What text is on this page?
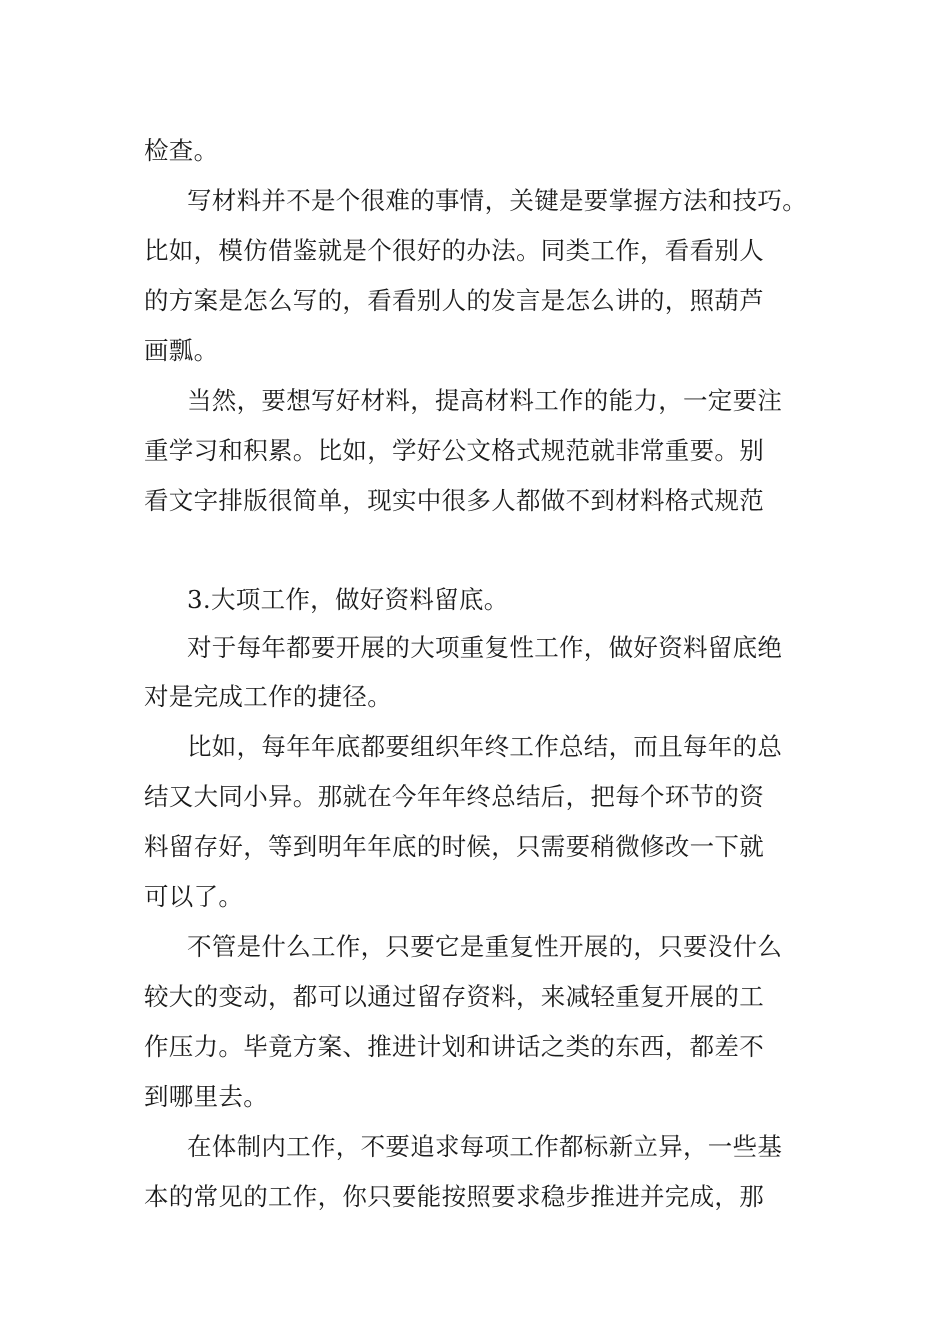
检查。
写材料并不是个很难的事情，关键是要掌握方法和技巧。
比如，模仿借鉴就是个很好的办法。同类工作，看看别人
的方案是怎么写的，看看别人的发言是怎么讲的，照葫芦
画瓢。
当然，要想写好材料，提高材料工作的能力，一定要注
重学习和积累。比如，学好公文格式规范就非常重要。别
看文字排版很简单，现实中很多人都做不到材料格式规范
3.大项工作，做好资料留底。
对于每年都要开展的大项重复性工作，做好资料留底绝
对是完成工作的捷径。
比如，每年年底都要组织年终工作总结，而且每年的总
结又大同小异。那就在今年年终总结后，把每个环节的资
料留存好，等到明年年底的时候，只需要稍微修改一下就
可以了。
不管是什么工作，只要它是重复性开展的，只要没什么
较大的变动，都可以通过留存资料，来减轻重复开展的工
作压力。毕竟方案、推进计划和讲话之类的东西，都差不
到哪里去。
在体制内工作，不要追求每项工作都标新立异，一些基
本的常见的工作，你只要能按照要求稳步推进并完成，那
